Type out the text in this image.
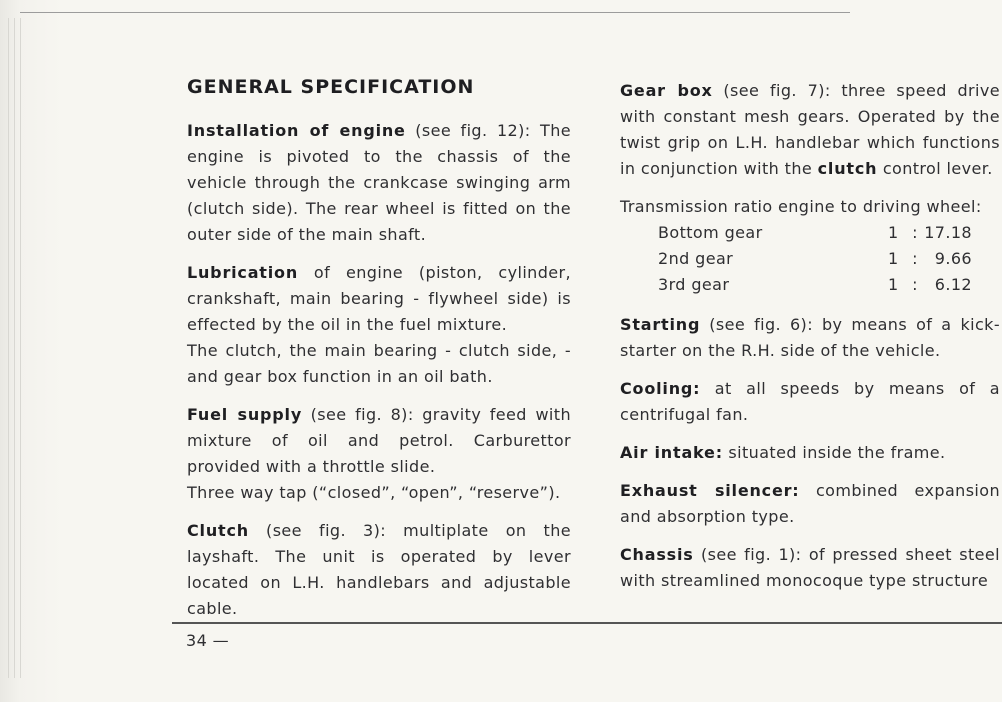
GENERAL SPECIFICATION

Installation of engine (see fig. 12): The engine is pivoted to the chassis of the vehicle through the crankcase swinging arm (clutch side). The rear wheel is fitted on the outer side of the main shaft.

Lubrication of engine (piston, cylinder, crankshaft, main bearing - flywheel side) is effected by the oil in the fuel mixture.

The clutch, the main bearing - clutch side, - and gear box function in an oil bath.

Fuel supply (see fig. 8): gravity feed with mixture of oil and petrol. Carburettor provided with a throttle slide.

Three way tap (“closed”, “open”, “reserve”).

Clutch (see fig. 3): multiplate on the layshaft. The unit is operated by lever located on L.H. handlebars and adjustable cable.

Gear box (see fig. 7): three speed drive with constant mesh gears. Operated by the twist grip on L.H. handlebar which functions in conjunction with the clutch control lever.

Transmission ratio engine to driving wheel:

Bottom gear	1	:	17.18
2nd gear	1	:	9.66
3rd gear	1	:	6.12

Starting (see fig. 6): by means of a kick-starter on the R.H. side of the vehicle.

Cooling: at all speeds by means of a centrifugal fan.

Air intake: situated inside the frame.

Exhaust silencer: combined expansion and absorption type.

Chassis (see fig. 1): of pressed sheet steel with streamlined monocoque type structure

34 —
